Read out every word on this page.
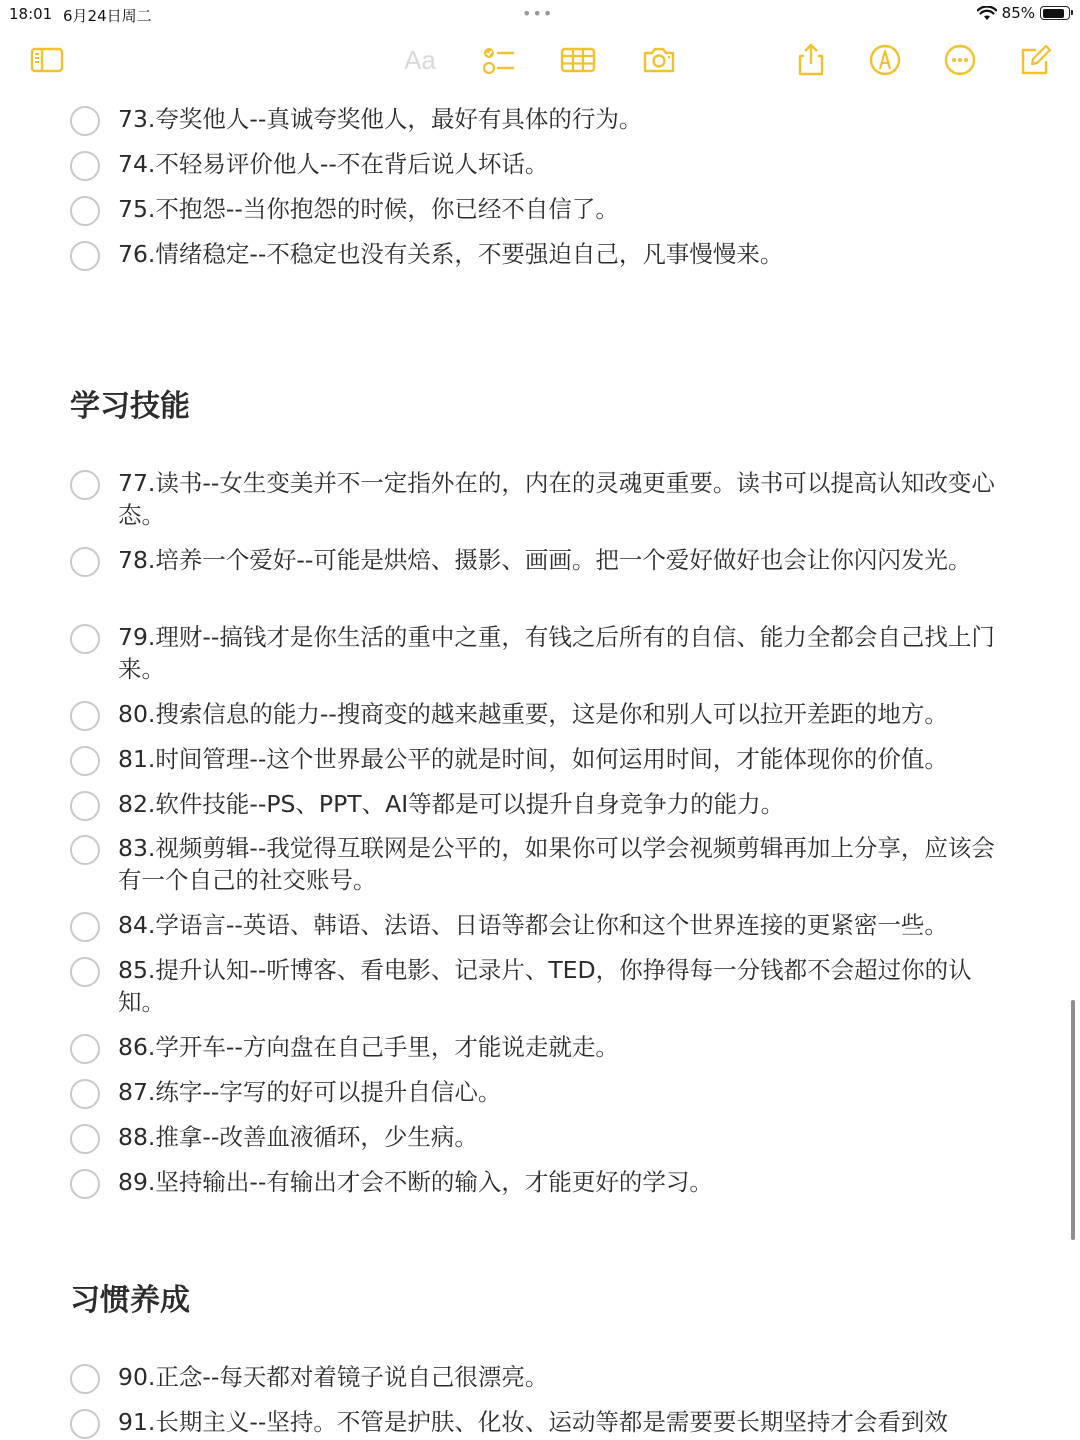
18:01 6月24日周二	•••	85%
Aa
73.夸奖他人--真诚夸奖他人，最好有具体的行为。
74.不轻易评价他人--不在背后说人坏话。
75.不抱怨--当你抱怨的时候，你已经不自信了。
76.情绪稳定--不稳定也没有关系，不要强迫自己，凡事慢慢来。
学习技能
77.读书--女生变美并不一定指外在的，内在的灵魂更重要。读书可以提高认知改变心态。
78.培养一个爱好--可能是烘焙、摄影、画画。把一个爱好做好也会让你闪闪发光。
79.理财--搞钱才是你生活的重中之重，有钱之后所有的自信、能力全都会自己找上门来。
80.搜索信息的能力--搜商变的越来越重要，这是你和别人可以拉开差距的地方。
81.时间管理--这个世界最公平的就是时间，如何运用时间，才能体现你的价值。
82.软件技能--PS、PPT、AI等都是可以提升自身竞争力的能力。
83.视频剪辑--我觉得互联网是公平的，如果你可以学会视频剪辑再加上分享，应该会有一个自己的社交账号。
84.学语言--英语、韩语、法语、日语等都会让你和这个世界连接的更紧密一些。
85.提升认知--听博客、看电影、记录片、TED，你挣得每一分钱都不会超过你的认知。
86.学开车--方向盘在自己手里，才能说走就走。
87.练字--字写的好可以提升自信心。
88.推拿--改善血液循环，少生病。
89.坚持输出--有输出才会不断的输入，才能更好的学习。
习惯养成
90.正念--每天都对着镜子说自己很漂亮。
91.长期主义--坚持。不管是护肤、化妆、运动等都是需要要长期坚持才会看到效
